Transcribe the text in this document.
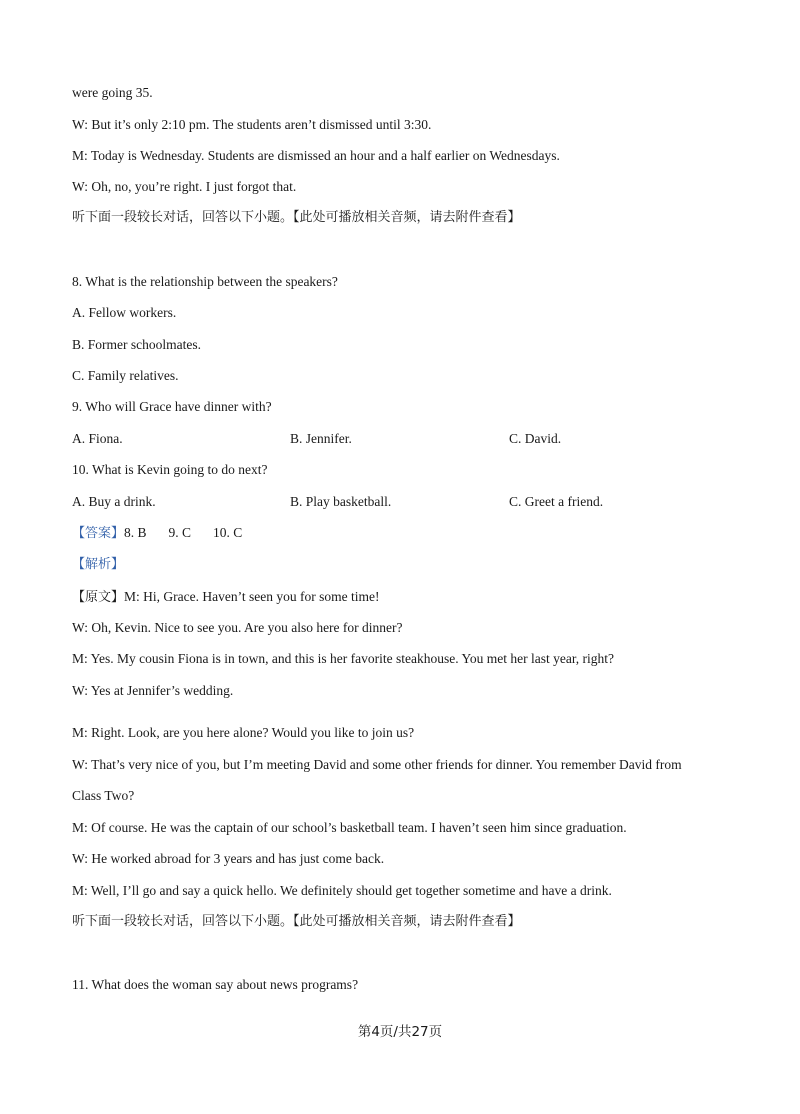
were going 35.
W: But it’s only 2:10 pm. The students aren’t dismissed until 3:30.
M: Today is Wednesday. Students are dismissed an hour and a half earlier on Wednesdays.
W: Oh, no, you’re right. I just forgot that.
听下面一段较长对话，回答以下小题。【此处可播放相关音频，请去附件查看】
8. What is the relationship between the speakers?
A. Fellow workers.
B. Former schoolmates.
C. Family relatives.
9. Who will Grace have dinner with?
A. Fiona.	B. Jennifer.	C. David.
10. What is Kevin going to do next?
A. Buy a drink.	B. Play basketball.	C. Greet a friend.
【答案】8. B 9. C 10. C
【解析】
【原文】M: Hi, Grace. Haven’t seen you for some time!
W: Oh, Kevin. Nice to see you. Are you also here for dinner?
M: Yes. My cousin Fiona is in town, and this is her favorite steakhouse. You met her last year, right?
W: Yes at Jennifer’s wedding.
M: Right. Look, are you here alone? Would you like to join us?
W: That’s very nice of you, but I’m meeting David and some other friends for dinner. You remember David from
Class Two?
M: Of course. He was the captain of our school’s basketball team. I haven’t seen him since graduation.
W: He worked abroad for 3 years and has just come back.
M: Well, I’ll go and say a quick hello. We definitely should get together sometime and have a drink.
听下面一段较长对话，回答以下小题。【此处可播放相关音频，请去附件查看】
11. What does the woman say about news programs?
第4页/共27页
